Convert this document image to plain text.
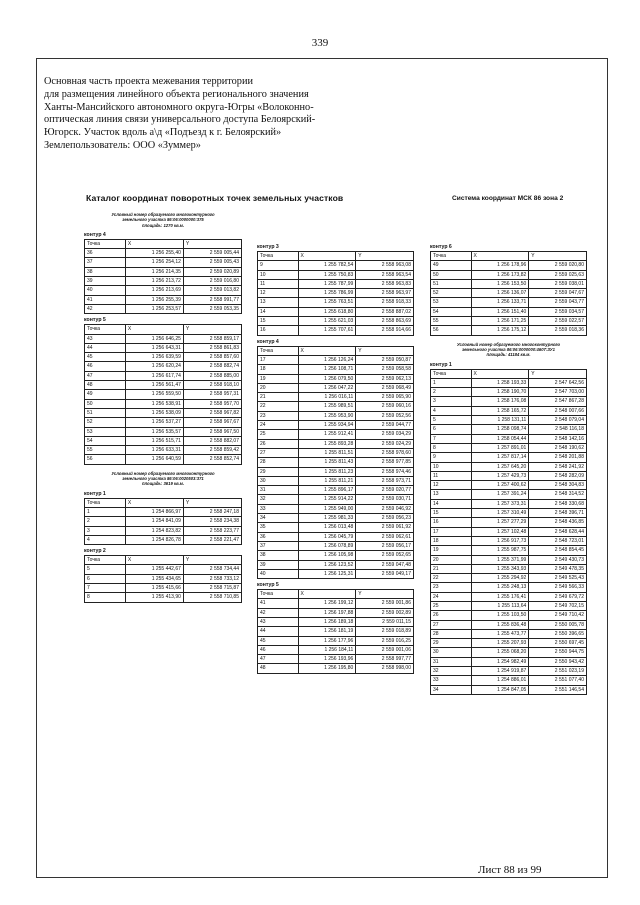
339
Основная часть проекта межевания территории
для размещения линейного объекта регионального значения
Ханты-Мансийского автономного округа-Югры «Волоконно-
оптическая линия связи универсального доступа Белоярский-
Югорск. Участок вдоль а\д «Подъезд к г. Белоярский»
Землепользователь: ООО «Зуммер»
Каталог координат поворотных точек земельных участков	Система координат МСК 86 зона 2
Условный номер образуемого многоконтурного
земельного участка 86:06:0000000:375
площадь: 1270 кв.м.
контур 4
Точка	X	Y
36	1 256 255,40	2 559 005,44
37	1 256 254,12	2 559 005,43
38	1 256 214,35	2 559 020,89
39	1 256 213,72	2 559 016,80
40	1 256 213,69	2 559 013,82
41	1 256 255,39	2 558 991,77
42	1 256 253,57	2 559 053,35
контур 5
Точка	X	Y
43	1 256 646,25	2 558 859,17
44	1 256 643,31	2 558 861,83
45	1 256 639,59	2 558 857,60
46	1 256 620,24	2 558 882,74
47	1 256 617,74	2 558 885,00
48	1 256 561,47	2 558 918,10
49	1 256 559,50	2 558 957,31
50	1 256 538,91	2 558 957,70
51	1 256 538,09	2 558 967,82
52	1 256 537,27	2 558 967,67
53	1 256 535,57	2 558 967,50
54	1 256 515,71	2 558 882,07
55	1 256 633,31	2 558 859,42
56	1 256 640,59	2 558 852,74
Условный номер образуемого многоконтурного
земельного участка 86:06:0020503:371
площадь: 3619 кв.м.
контур 1
Точка	X	Y
1	1 254 866,97	2 558 247,18
2	1 254 841,09	2 558 234,38
3	1 254 823,82	2 558 223,77
4	1 254 826,78	2 558 221,47
контур 2
Точка	X	Y
5	1 255 442,67	2 558 734,44
6	1 255 434,65	2 558 733,12
7	1 255 415,66	2 558 715,87
8	1 255 413,90	2 558 710,85
контур 3
Точка	X	Y
9	1 255 782,54	2 558 963,08
10	1 255 750,83	2 558 963,54
11	1 255 787,99	2 558 963,83
12	1 255 786,99	2 558 963,97
13	1 255 763,51	2 558 918,33
14	1 255 618,80	2 558 887,02
15	1 255 621,03	2 558 863,69
16	1 255 707,61	2 558 914,66
контур 4
Точка	X	Y
17	1 256 126,24	2 559 050,87
18	1 256 108,71	2 559 058,58
19	1 256 079,50	2 559 062,13
20	1 256 047,22	2 559 068,49
21	1 256 016,11	2 559 065,90
22	1 255 989,51	2 559 060,16
23	1 255 953,90	2 559 052,56
24	1 255 934,94	2 559 044,77
25	1 255 912,41	2 559 034,29
26	1 255 893,28	2 559 024,29
27	1 255 811,51	2 558 978,60
28	1 255 811,43	2 558 977,85
29	1 255 811,23	2 558 974,46
30	1 255 811,21	2 558 973,71
31	1 255 896,17	2 559 020,77
32	1 255 914,22	2 559 030,71
33	1 255 949,00	2 559 046,92
34	1 255 981,33	2 559 056,23
35	1 256 013,48	2 559 061,92
36	1 256 045,79	2 559 062,61
37	1 256 078,89	2 559 056,17
38	1 256 105,98	2 559 052,65
39	1 256 123,52	2 559 047,48
40	1 256 125,31	2 559 049,17
контур 5
Точка	X	Y
41	1 256 199,12	2 559 001,86
42	1 256 197,88	2 559 002,89
43	1 256 189,18	2 559 011,15
44	1 256 181,19	2 559 018,89
45	1 256 177,96	2 559 016,25
46	1 256 184,11	2 559 001,06
47	1 256 193,96	2 558 997,77
48	1 256 195,80	2 558 998,00
контур 6
Точка	X	Y
49	1 256 178,96	2 559 020,80
50	1 256 173,82	2 559 025,63
51	1 256 153,50	2 559 038,01
52	1 256 136,07	2 559 047,67
53	1 256 133,71	2 559 043,77
54	1 256 151,40	2 559 034,57
55	1 256 171,25	2 559 022,57
56	1 256 175,12	2 559 018,36
Условный номер образуемого многоконтурного
земельного участка 86:06:0000000:4607:ЗУ1
площадь: 41184 кв.м.
контур 1
Точка	X	Y
1	1 258 193,33	2 547 642,56
2	1 258 190,70	2 547 703,00
3	1 258 176,08	2 547 867,28
4	1 258 165,72	2 548 007,66
5	1 258 131,11	2 548 079,04
6	1 258 098,74	2 548 116,18
7	1 258 054,44	2 548 142,16
8	1 257 891,01	2 548 190,62
9	1 257 817,14	2 548 201,88
10	1 257 645,20	2 548 241,92
11	1 257 429,73	2 548 282,09
12	1 257 400,62	2 548 304,83
13	1 257 391,24	2 548 314,52
14	1 257 373,31	2 548 330,68
15	1 257 310,49	2 548 396,71
16	1 257 277,29	2 548 436,85
17	1 257 102,48	2 548 628,44
18	1 256 917,73	2 548 723,01
19	1 255 987,75	2 548 854,45
20	1 255 371,99	2 549 430,73
21	1 255 343,93	2 549 478,35
22	1 255 294,92	2 549 525,43
23	1 255 248,13	2 549 566,33
24	1 255 176,41	2 549 679,72
25	1 255 113,64	2 549 702,15
26	1 255 103,50	2 549 710,42
27	1 255 836,48	2 550 005,78
28	1 255 473,77	2 550 396,65
29	1 255 207,93	2 550 697,45
30	1 255 068,20	2 550 944,75
31	1 254 982,49	2 550 943,42
32	1 254 919,87	2 551 023,19
33	1 254 886,01	2 551 077,40
34	1 254 847,05	2 551 146,54
Лист 88 из 99
